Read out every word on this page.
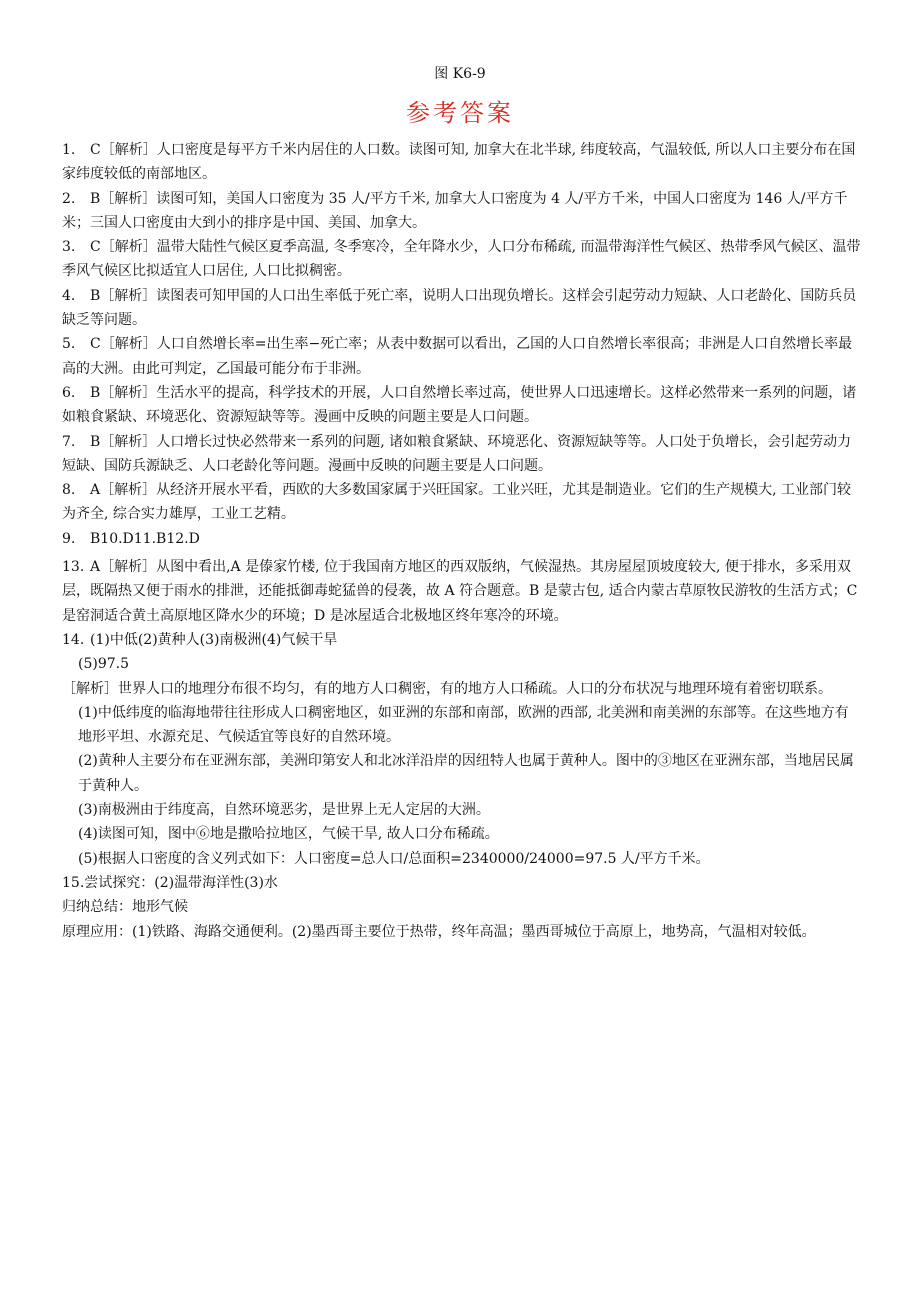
图 K6-9
参考答案

1. C［解析］人口密度是每平方千米内居住的人口数。读图可知, 加拿大在北半球, 纬度较高，气温较低, 所以人口主要分布在国家纬度较低的南部地区。

2. B［解析］读图可知，美国人口密度为 35 人/平方千米, 加拿大人口密度为 4 人/平方千米，中国人口密度为 146 人/平方千米；三国人口密度由大到小的排序是中国、美国、加拿大。

3. C［解析］温带大陆性气候区夏季高温, 冬季寒冷，全年降水少，人口分布稀疏, 而温带海洋性气候区、热带季风气候区、温带季风气候区比拟适宜人口居住, 人口比拟稠密。

4. B［解析］读图表可知甲国的人口出生率低于死亡率，说明人口出现负增长。这样会引起劳动力短缺、人口老龄化、国防兵员缺乏等问题。

5. C［解析］人口自然增长率=出生率−死亡率；从表中数据可以看出，乙国的人口自然增长率很高；非洲是人口自然增长率最高的大洲。由此可判定，乙国最可能分布于非洲。

6. B［解析］生活水平的提高，科学技术的开展，人口自然增长率过高，使世界人口迅速增长。这样必然带来一系列的问题，诸如粮食紧缺、环境恶化、资源短缺等等。漫画中反映的问题主要是人口问题。

7. B［解析］人口增长过快必然带来一系列的问题, 诸如粮食紧缺、环境恶化、资源短缺等等。人口处于负增长，会引起劳动力短缺、国防兵源缺乏、人口老龄化等问题。漫画中反映的问题主要是人口问题。

8. A［解析］从经济开展水平看，西欧的大多数国家属于兴旺国家。工业兴旺，尤其是制造业。它们的生产规模大, 工业部门较为齐全, 综合实力雄厚，工业工艺精。

9. B10.D11.B12.D

13. A［解析］从图中看出,A 是傣家竹楼, 位于我国南方地区的西双版纳，气候湿热。其房屋屋顶坡度较大, 便于排水，多采用双层，既隔热又便于雨水的排泄，还能抵御毒蛇猛兽的侵袭，故 A 符合题意。B 是蒙古包, 适合内蒙古草原牧民游牧的生活方式；C 是窑洞适合黄土高原地区降水少的环境；D 是冰屋适合北极地区终年寒冷的环境。

14. (1)中低(2)黄种人(3)南极洲(4)气候干旱

(5)97.5

［解析］世界人口的地理分布很不均匀，有的地方人口稠密，有的地方人口稀疏。人口的分布状况与地理环境有着密切联系。

(1)中低纬度的临海地带往往形成人口稠密地区，如亚洲的东部和南部，欧洲的西部, 北美洲和南美洲的东部等。在这些地方有地形平坦、水源充足、气候适宜等良好的自然环境。

(2)黄种人主要分布在亚洲东部，美洲印第安人和北冰洋沿岸的因纽特人也属于黄种人。图中的③地区在亚洲东部，当地居民属于黄种人。

(3)南极洲由于纬度高，自然环境恶劣，是世界上无人定居的大洲。

(4)读图可知，图中⑥地是撒哈拉地区，气候干旱, 故人口分布稀疏。

(5)根据人口密度的含义列式如下：人口密度=总人口/总面积=2340000/24000=97.5 人/平方千米。

15.尝试探究：(2)温带海洋性(3)水

归纳总结：地形气候

原理应用：(1)铁路、海路交通便利。(2)墨西哥主要位于热带，终年高温；墨西哥城位于高原上，地势高，气温相对较低。
